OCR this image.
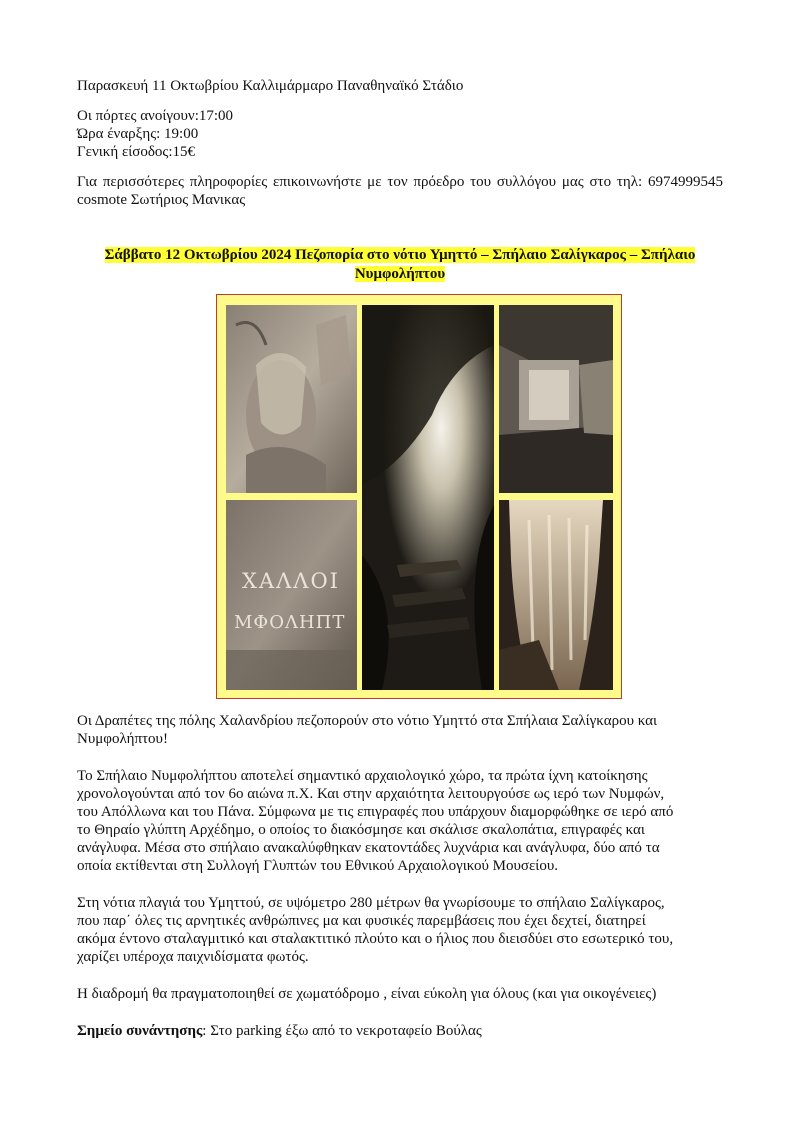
Παρασκευή 11 Οκτωβρίου Καλλιμάρμαρο Παναθηναϊκό Στάδιο

Οι πόρτες ανοίγουν:17:00

Ώρα έναρξης: 19:00

Γενική είσοδος:15€

Για περισσότερες πληροφορίες επικοινωνήστε με τον πρόεδρο του συλλόγου μας στο τηλ: 6974999545 cosmote Σωτήριος Μανικας

Σάββατο 12 Οκτωβρίου 2024 Πεζοπορία στο νότιο Υμηττό – Σπήλαιο Σαλίγκαρος – Σπήλαιο
Νυμφολήπτου
ΧΑΛΛΟΙ
ΜΦΟΛΗΠΤ

Οι Δραπέτες της πόλης Χαλανδρίου πεζοπορούν στο νότιο Υμηττό στα Σπήλαια Σαλίγκαρου και Νυμφολήπτου!

Το Σπήλαιο Νυμφολήπτου αποτελεί σημαντικό αρχαιολογικό χώρο, τα πρώτα ίχνη κατοίκησης
χρονολογούνται από τον 6ο αιώνα π.Χ. Και στην αρχαιότητα λειτουργούσε ως ιερό των Νυμφών,
του Απόλλωνα και του Πάνα. Σύμφωνα με τις επιγραφές που υπάρχουν διαμορφώθηκε σε ιερό από
το Θηραίο γλύπτη Αρχέδημο, ο οποίος το διακόσμησε και σκάλισε σκαλοπάτια, επιγραφές και
ανάγλυφα. Μέσα στο σπήλαιο ανακαλύφθηκαν εκατοντάδες λυχνάρια και ανάγλυφα, δύο από τα
οποία εκτίθενται στη Συλλογή Γλυπτών του Εθνικού Αρχαιολογικού Μουσείου.
Στη νότια πλαγιά του Υμηττού, σε υψόμετρο 280 μέτρων θα γνωρίσουμε το σπήλαιο Σαλίγκαρος,
που παρ΄ όλες τις αρνητικές ανθρώπινες μα και φυσικές παρεμβάσεις που έχει δεχτεί, διατηρεί
ακόμα έντονο σταλαγμιτικό και σταλακτιτικό πλούτο και ο ήλιος που διεισδύει στο εσωτερικό του,
χαρίζει υπέροχα παιχνιδίσματα φωτός.

Η διαδρομή θα πραγματοποιηθεί σε χωματόδρομο , είναι εύκολη για όλους (και για οικογένειες)

Σημείο συνάντησης: Στο parking έξω από το νεκροταφείο Βούλας
